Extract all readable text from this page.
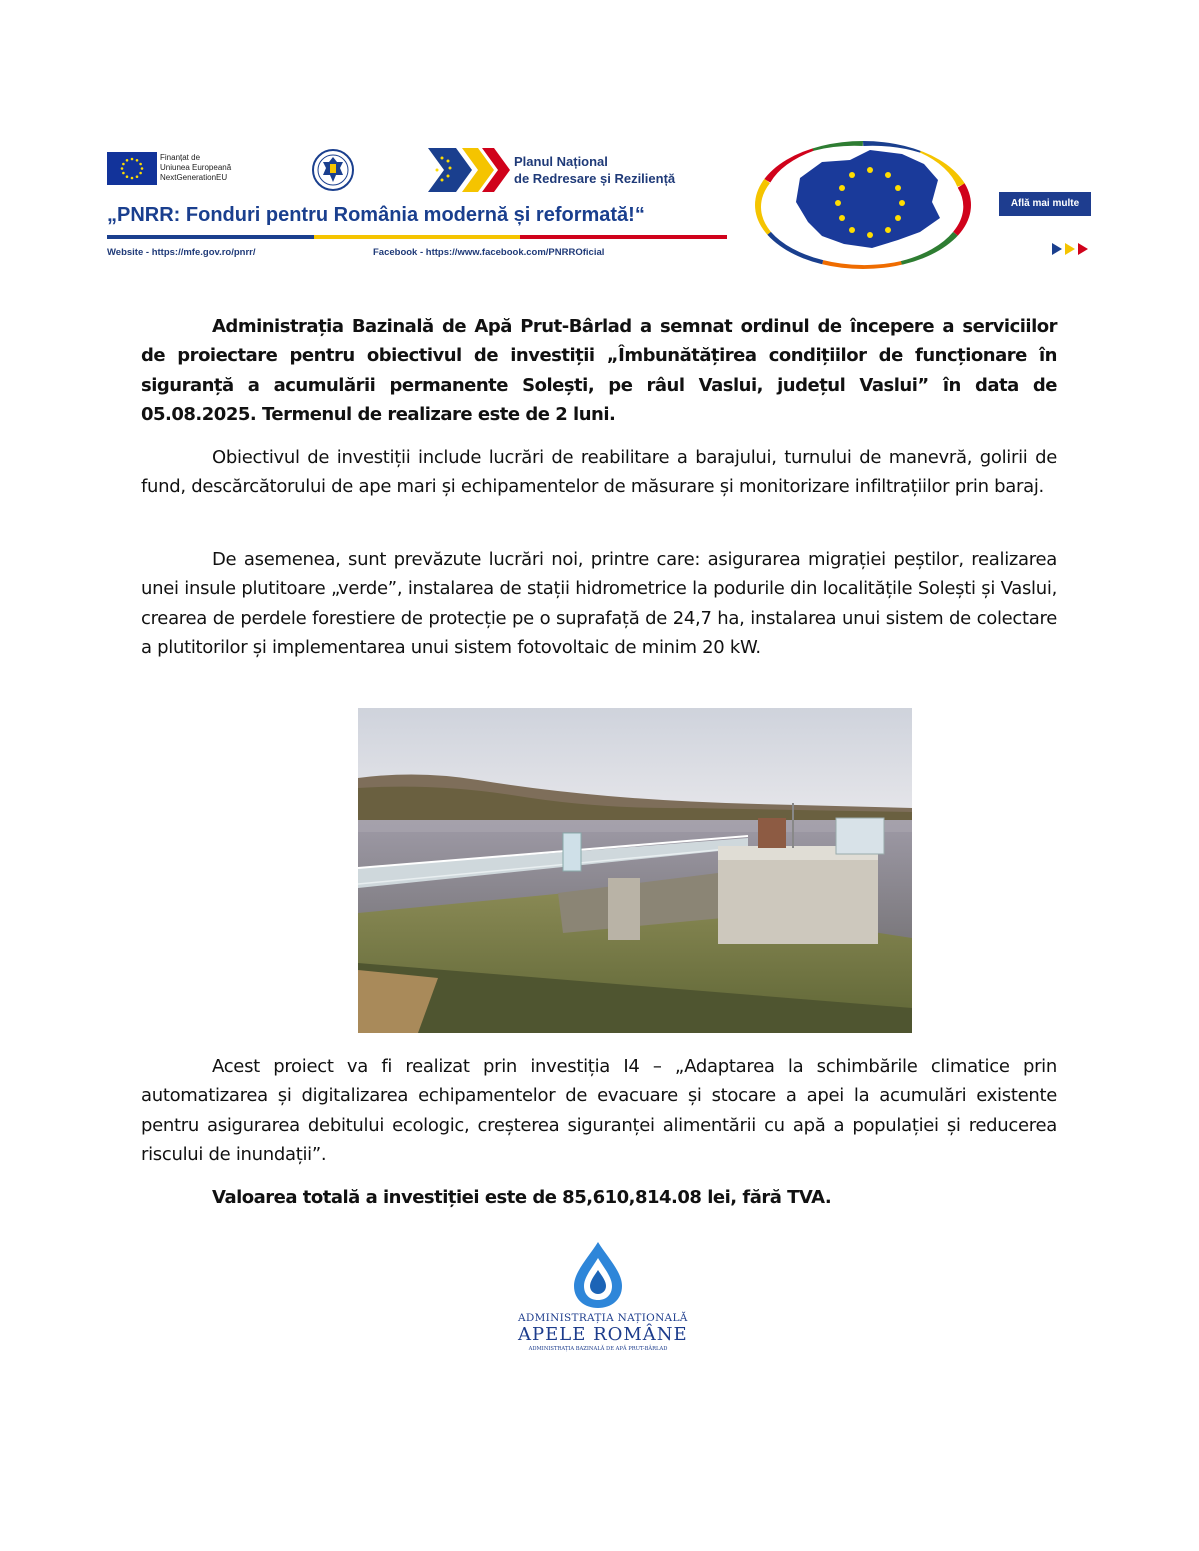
Finanțat de
Uniunea Europeană
NextGenerationEU
Planul Național
de Redresare și Reziliență
„PNRR: Fonduri pentru România modernă și reformată!“
Website - https://mfe.gov.ro/pnrr/	Facebook - https://www.facebook.com/PNRROficial
Află mai multe

Administrația Bazinală de Apă Prut-Bârlad a semnat ordinul de începere a serviciilor de proiectare pentru obiectivul de investiții „Îmbunătățirea condițiilor de funcționare în siguranță a acumulării permanente Solești, pe râul Vaslui, județul Vaslui” în data de 05.08.2025. Termenul de realizare este de 2 luni.

Obiectivul de investiții include lucrări de reabilitare a barajului, turnului de manevră, golirii de fund, descărcătorului de ape mari și echipamentelor de măsurare și monitorizare infiltrațiilor prin baraj.

De asemenea, sunt prevăzute lucrări noi, printre care: asigurarea migrației peștilor, realizarea unei insule plutitoare „verde”, instalarea de stații hidrometrice la podurile din localitățile Solești și Vaslui, crearea de perdele forestiere de protecție pe o suprafață de 24,7 ha, instalarea unui sistem de colectare a plutitorilor și implementarea unui sistem fotovoltaic de minim 20 kW.

Acest proiect va fi realizat prin investiția I4 – „Adaptarea la schimbările climatice prin automatizarea și digitalizarea echipamentelor de evacuare și stocare a apei la acumulări existente pentru asigurarea debitului ecologic, creșterea siguranței alimentării cu apă a populației și reducerea riscului de inundații”.

Valoarea totală a investiției este de 85,610,814.08 lei, fără TVA.

ADMINISTRAȚIA NAȚIONALĂ
APELE ROMÂNE
ADMINISTRAȚIA BAZINALĂ DE APĂ PRUT-BÂRLAD
